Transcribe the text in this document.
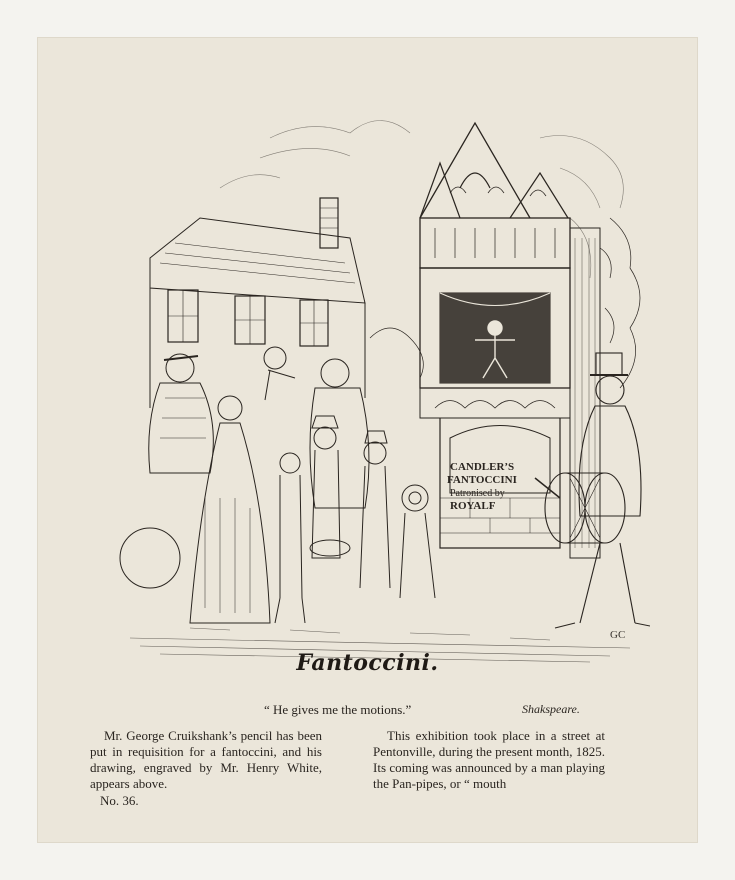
CANDLER’S
FANTOCCINI
Patronised by
ROYALF
GC
Fantoccini.
“ He gives me the motions.”	Shakspeare.

Mr. George Cruikshank’s pencil has been put in requisition for a fantoccini, and his drawing, engraved by Mr. Henry White, appears above.

No. 36.

This exhibition took place in a street at Pentonville, during the present month, 1825. Its coming was announced by a man playing the Pan-pipes, or “ mouth
